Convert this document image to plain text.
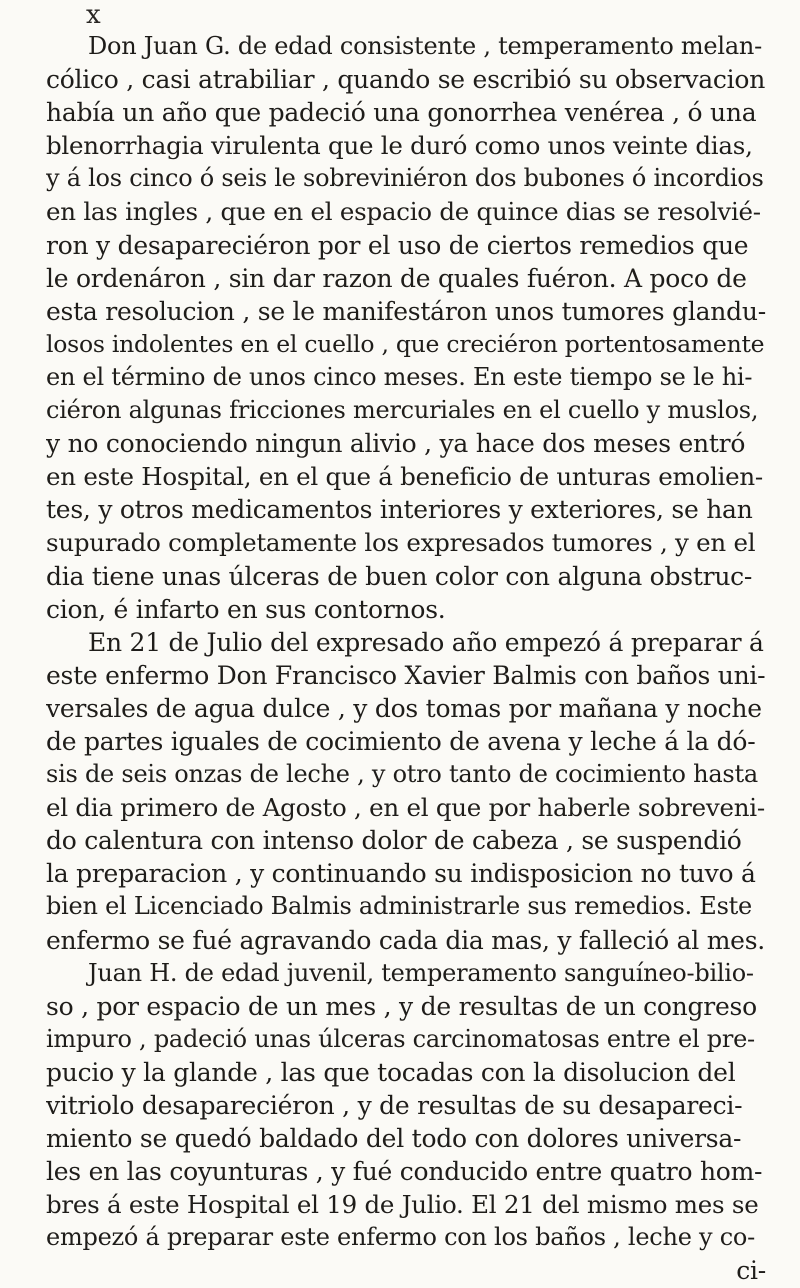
x
Don Juan G. de edad consistente , temperamento melan-
cólico , casi atrabiliar , quando se escribió su observacion
había un año que padeció una gonorrhea venérea , ó una
blenorrhagia virulenta que le duró como unos veinte dias,
y á los cinco ó seis le sobreviniéron dos bubones ó incordios
en las ingles , que en el espacio de quince dias se resolvié-
ron y desapareciéron por el uso de ciertos remedios que
le ordenáron , sin dar razon de quales fuéron. A poco de
esta resolucion , se le manifestáron unos tumores glandu-
losos indolentes en el cuello , que creciéron portentosamente
en el término de unos cinco meses. En este tiempo se le hi-
ciéron algunas fricciones mercuriales en el cuello y muslos,
y no conociendo ningun alivio , ya hace dos meses entró
en este Hospital, en el que á beneficio de unturas emolien-
tes, y otros medicamentos interiores y exteriores, se han
supurado completamente los expresados tumores , y en el
dia tiene unas úlceras de buen color con alguna obstruc-
cion, é infarto en sus contornos.
En 21 de Julio del expresado año empezó á preparar á
este enfermo Don Francisco Xavier Balmis con baños uni-
versales de agua dulce , y dos tomas por mañana y noche
de partes iguales de cocimiento de avena y leche á la dó-
sis de seis onzas de leche , y otro tanto de cocimiento hasta
el dia primero de Agosto , en el que por haberle sobreveni-
do calentura con intenso dolor de cabeza , se suspendió
la preparacion , y continuando su indisposicion no tuvo á
bien el Licenciado Balmis administrarle sus remedios. Este
enfermo se fué agravando cada dia mas, y falleció al mes.
Juan H. de edad juvenil, temperamento sanguíneo-bilio-
so , por espacio de un mes , y de resultas de un congreso
impuro , padeció unas úlceras carcinomatosas entre el pre-
pucio y la glande , las que tocadas con la disolucion del
vitriolo desapareciéron , y de resultas de su desapareci-
miento se quedó baldado del todo con dolores universa-
les en las coyunturas , y fué conducido entre quatro hom-
bres á este Hospital el 19 de Julio. El 21 del mismo mes se
empezó á preparar este enfermo con los baños , leche y co-
ci-
